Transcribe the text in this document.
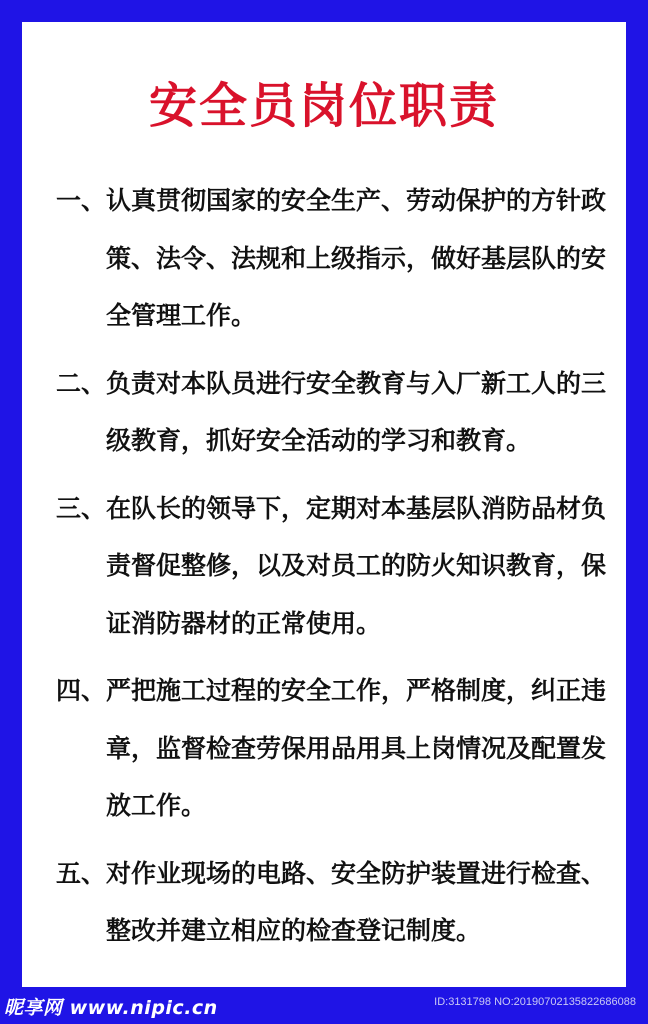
安全员岗位职责
一、 认真贯彻国家的安全生产、劳动保护的方针政策、法令、法规和上级指示，做好基层队的安全管理工作。
二、 负责对本队员进行安全教育与入厂新工人的三级教育，抓好安全活动的学习和教育。
三、 在队长的领导下，定期对本基层队消防品材负责督促整修，以及对员工的防火知识教育，保证消防器材的正常使用。
四、 严把施工过程的安全工作，严格制度，纠正违章，监督检查劳保用品用具上岗情况及配置发放工作。
五、 对作业现场的电路、安全防护装置进行检查、整改并建立相应的检查登记制度。
昵享网 www.nipic.cn	ID:3131798 NO:20190702135822686088
